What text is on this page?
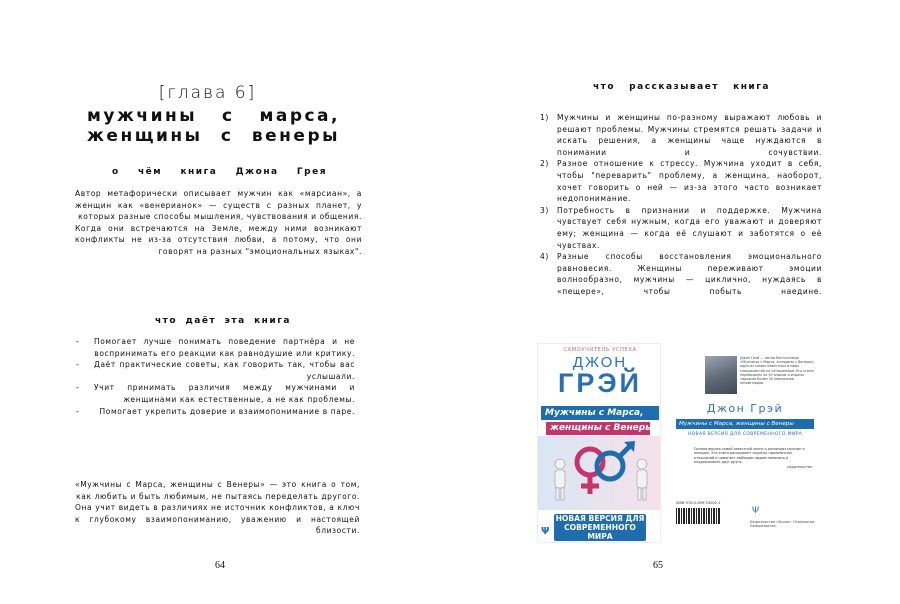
[глава 6]
мужчины с марса,
женщины с венеры
о чём книга Джона Грея

Автор метафорически описывает мужчин как «марсиан», а женщин как «венерианок» — существ с разных планет, у которых разные способы мышления, чувствования и общения.

Когда они встречаются на Земле, между ними возникают конфликты не из-за отсутствия любви, а потому, что они говорят на разных "эмоциональных языках".

что даёт эта книга
- Помогает лучше понимать поведение партнёра и не воспринимать его реакции как равнодушие или критику.
- Даёт практические советы, как говорить так, чтобы вас услышали.
- Учит принимать различия между мужчинами и женщинами как естественные, а не как проблемы.
- Помогает укрепить доверие и взаимопонимание в паре.

«Мужчины с Марса, женщины с Венеры» — это книга о том, как любить и быть любимым, не пытаясь переделать другого.

Она учит видеть в различиях не источник конфликтов, а ключ к глубокому взаимопониманию, уважению и настоящей близости.

64
что рассказывает книга
1) Мужчины и женщины по-разному выражают любовь и решают проблемы. Мужчины стремятся решать задачи и искать решения, а женщины чаще нуждаются в понимании и сочувствии.
2) Разное отношение к стрессу. Мужчина уходит в себя, чтобы "переварить" проблему, а женщина, наоборот, хочет говорить о ней — из-за этого часто возникает недопонимание.
3) Потребность в признании и поддержке. Мужчина чувствует себя нужным, когда его уважают и доверяют ему; женщина — когда её слушают и заботятся о её чувствах.
4) Разные способы восстановления эмоционального равновесия. Женщины переживают эмоции волнообразно, мужчины — циклично, нуждаясь в «пещере», чтобы побыть наедине.
САМОУЧИТЕЛЬ УСПЕХА
ДЖОН
ГРЭЙ
Мужчины с Марса,
женщины с Венеры
НОВАЯ ВЕРСИЯ ДЛЯ СОВРЕМЕННОГО МИРА
Ψ
Джон Грэй — автор бестселлера «Мужчины с Марса, женщины с Венеры», один из самых известных в мире специалистов по отношениям. Его книги переведены на 50 языков и изданы тиражом более 50 миллионов экземпляров.
Джон Грэй
Мужчины с Марса, женщины с Венеры
НОВАЯ ВЕРСИЯ ДЛЯ СОВРЕМЕННОГО МИРА
Полная версия самой известной книги о различиях мужчин и женщин. Эта книга раскрывает секреты гармоничных отношений и помогает любящим людям понимать и поддерживать друг друга.
издательство
ISBN 978-5-699-93002-1
Ψ
Издательство «Эксмо». Психология. Саморазвитие.
65
